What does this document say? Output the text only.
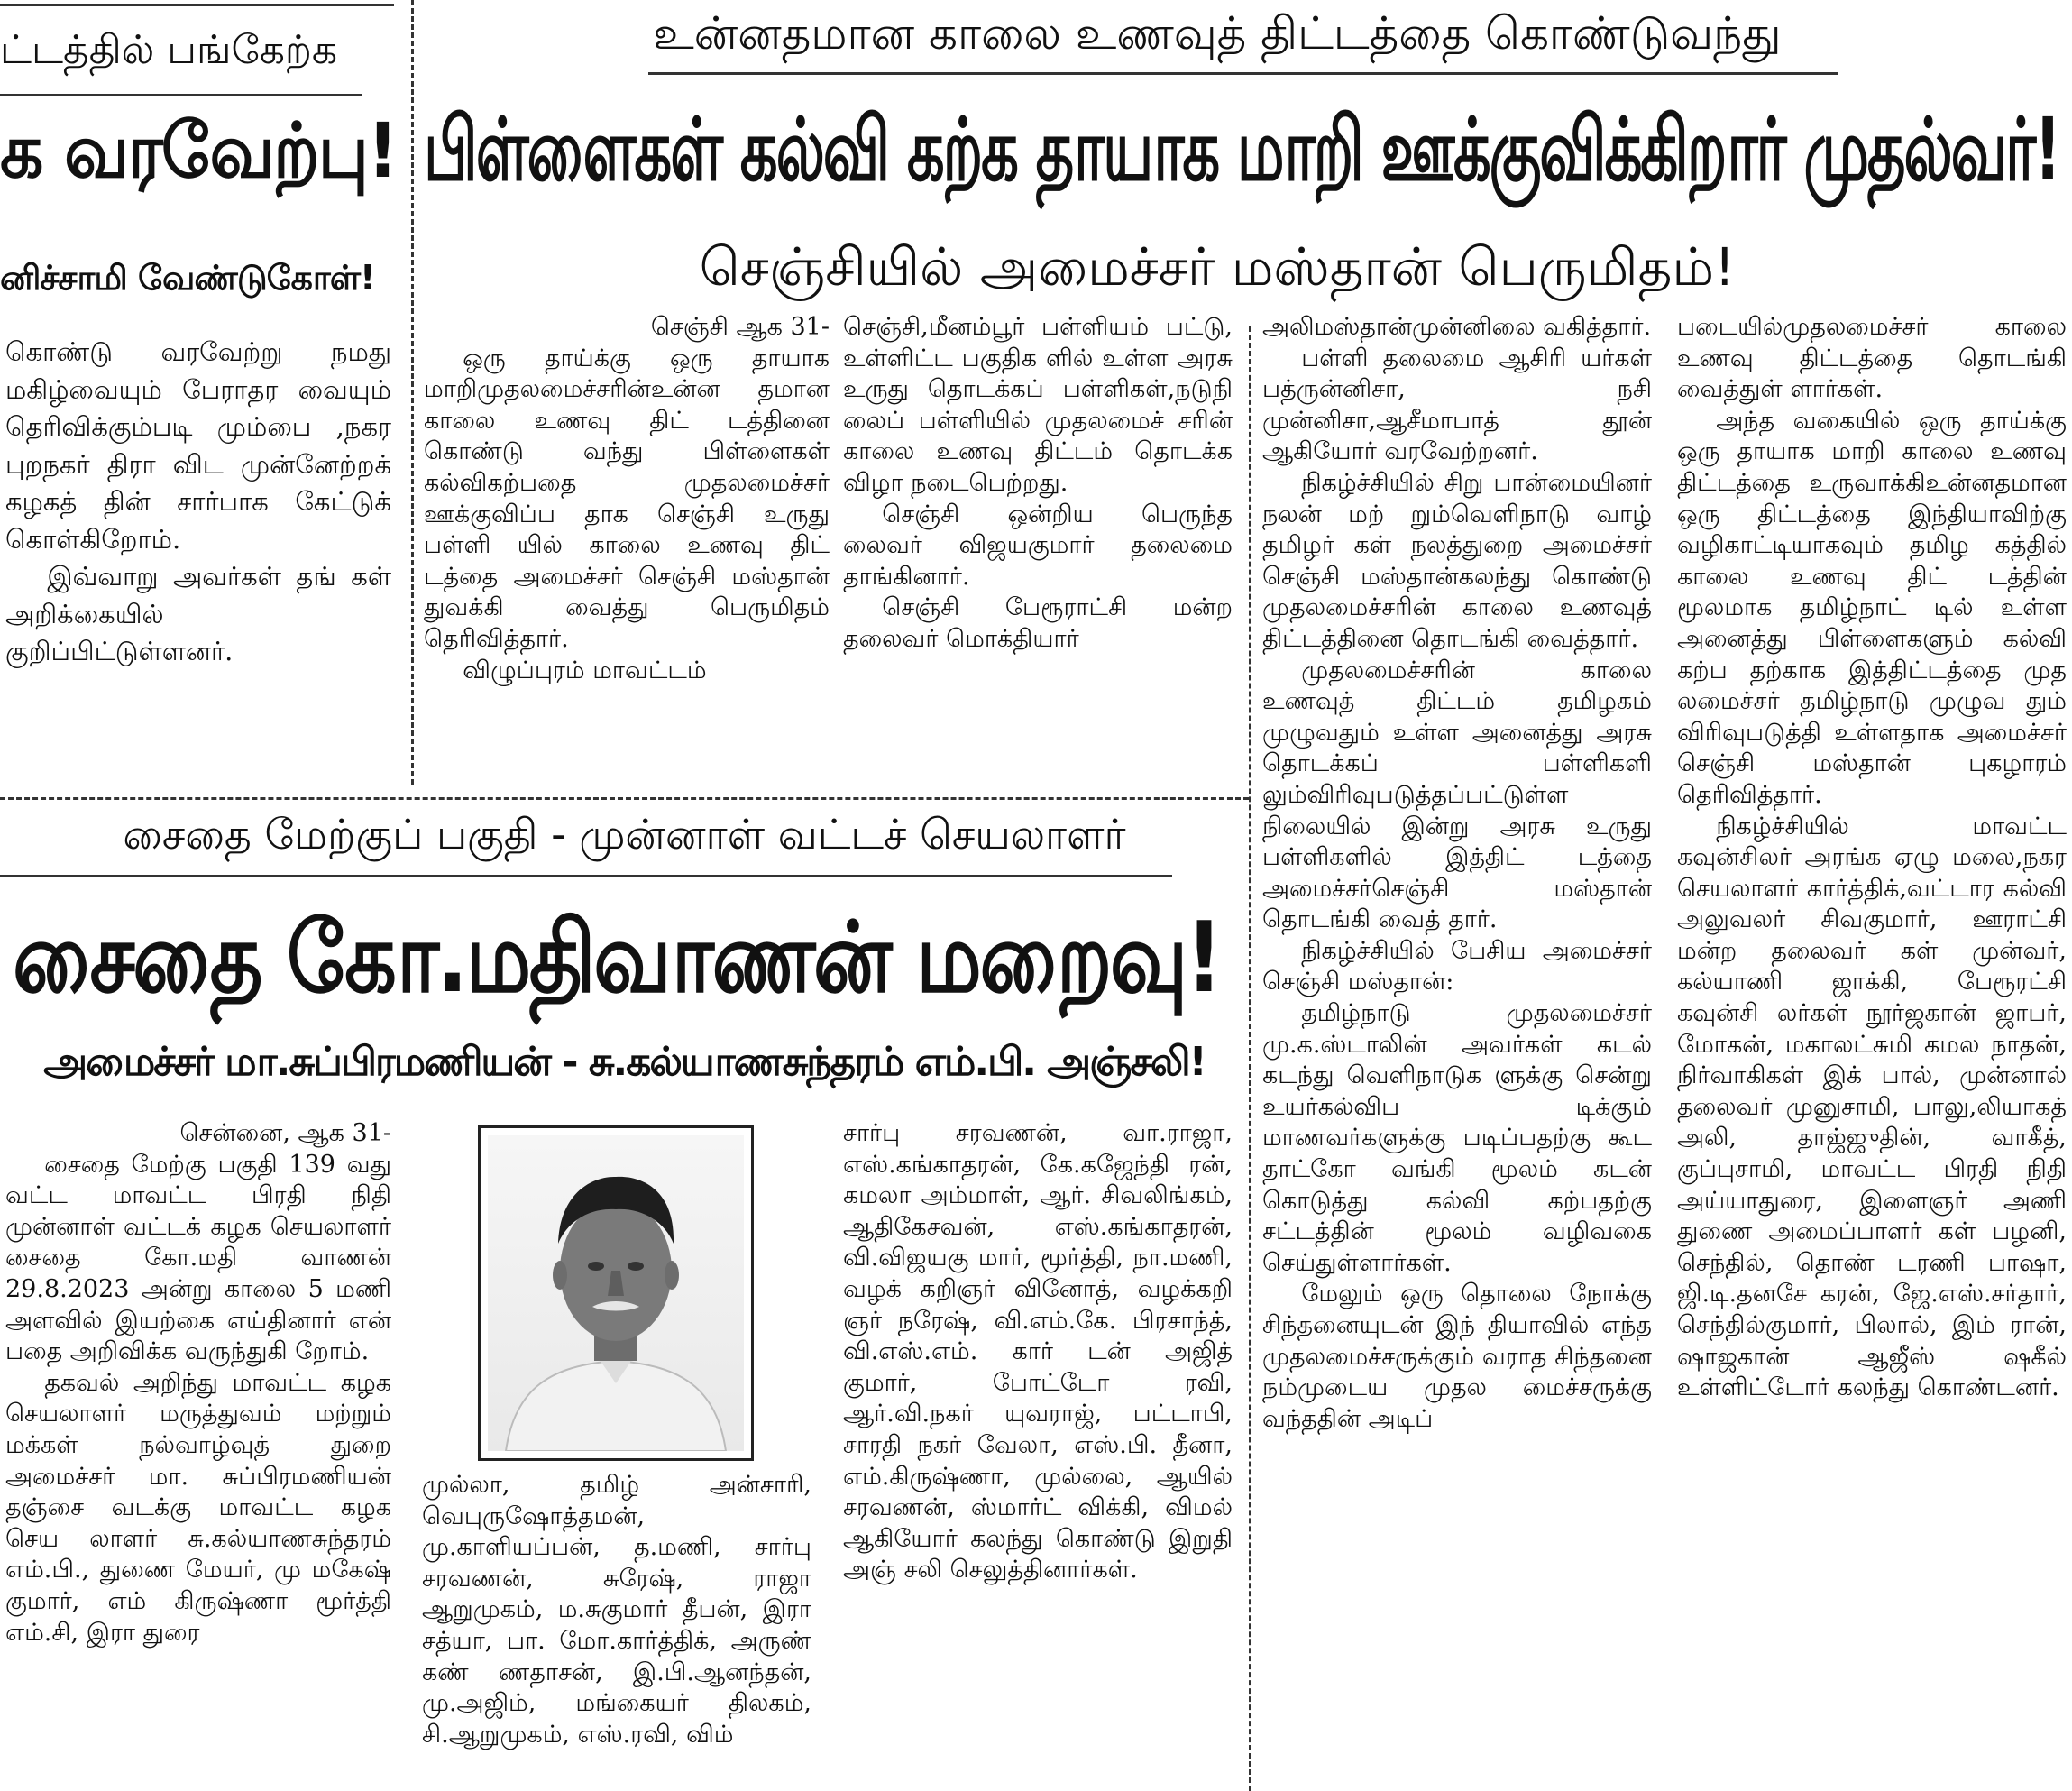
ட்டத்தில் பங்கேற்க
க வரவேற்பு!
னிச்சாமி வேண்டுகோள்!

கொண்டு வரவேற்று நமது மகிழ்வையும் பேராதர வையும் தெரிவிக்கும்படி மும்பை ,நகர புறநகர் திரா விட முன்னேற்றக் கழகத் தின் சார்பாக கேட்டுக் கொள்கிறோம்.

இவ்வாறு அவர்கள் தங் கள் அறிக்கையில் குறிப்பிட்டுள்ளனர்.

உன்னதமான காலை உணவுத் திட்டத்தை கொண்டுவந்து
பிள்ளைகள் கல்வி கற்க தாயாக மாறி ஊக்குவிக்கிறார் முதல்வர்!
செஞ்சியில் அமைச்சர் மஸ்தான் பெருமிதம்!
செஞ்சி ஆக 31-

ஒரு தாய்க்கு ஒரு தாயாக மாறிமுதலமைச்சரின்உன்ன தமான காலை உணவு திட் டத்தினை கொண்டு வந்து பிள்ளைகள் கல்விகற்பதை முதலமைச்சர் ஊக்குவிப்ப தாக செஞ்சி உருது பள்ளி யில் காலை உணவு திட் டத்தை அமைச்சர் செஞ்சி மஸ்தான் துவக்கி வைத்து பெருமிதம் தெரிவித்தார்.

விழுப்புரம் மாவட்டம்

செஞ்சி,மீனம்பூர் பள்ளியம் பட்டு, உள்ளிட்ட பகுதிக ளில் உள்ள அரசு உருது தொடக்கப் பள்ளிகள்,நடுநி லைப் பள்ளியில் முதலமைச் சரின் காலை உணவு திட்டம் தொடக்க விழா நடைபெற்றது.

செஞ்சி ஒன்றிய பெருந்த லைவர் விஜயகுமார் தலைமை தாங்கினார்.

செஞ்சி பேரூராட்சி மன்ற தலைவர் மொக்தியார்

அலிமஸ்தான்முன்னிலை வகித்தார்.

பள்ளி தலைமை ஆசிரி யர்கள் பத்ருன்னிசா, நசி முன்னிசா,ஆசீமாபாத் தூன் ஆகியோர் வரவேற்றனர்.

நிகழ்ச்சியில் சிறு பான்மையினர் நலன் மற் றும்வெளிநாடு வாழ் தமிழர் கள் நலத்துறை அமைச்சர் செஞ்சி மஸ்தான்கலந்து கொண்டு முதலமைச்சரின் காலை உணவுத் திட்டத்தினை தொடங்கி வைத்தார்.

முதலமைச்சரின் காலை உணவுத் திட்டம் தமிழகம் முழுவதும் உள்ள அனைத்து அரசு தொடக்கப் பள்ளிகளி லும்விரிவுபடுத்தப்பட்டுள்ள நிலையில் இன்று அரசு உருது பள்ளிகளில் இத்திட் டத்தை அமைச்சர்செஞ்சி மஸ்தான் தொடங்கி வைத் தார்.

நிகழ்ச்சியில் பேசிய அமைச்சர் செஞ்சி மஸ்தான்:

தமிழ்நாடு முதலமைச்சர் மு.க.ஸ்டாலின் அவர்கள் கடல் கடந்து வெளிநாடுக ளுக்கு சென்று உயர்கல்விப டிக்கும் மாணவர்களுக்கு படிப்பதற்கு கூட தாட்கோ வங்கி மூலம் கடன் கொடுத்து கல்வி கற்பதற்கு சட்டத்தின் மூலம் வழிவகை செய்துள்ளார்கள்.

மேலும் ஒரு தொலை நோக்கு சிந்தனையுடன் இந் தியாவில் எந்த முதலமைச்சருக்கும் வராத சிந்தனை நம்முடைய முதல மைச்சருக்கு வந்ததின் அடிப்

படையில்முதலமைச்சர் காலை உணவு திட்டத்தை தொடங்கி வைத்துள் ளார்கள்.

அந்த வகையில் ஒரு தாய்க்கு ஒரு தாயாக மாறி காலை உணவு திட்டத்தை உருவாக்கிஉன்னதமான ஒரு திட்டத்தை இந்தியாவிற்கு வழிகாட்டியாகவும் தமிழ கத்தில் காலை உணவு திட் டத்தின் மூலமாக தமிழ்நாட் டில் உள்ள அனைத்து பிள்ளைகளும் கல்வி கற்ப தற்காக இத்திட்டத்தை முத லமைச்சர் தமிழ்நாடு முழுவ தும் விரிவுபடுத்தி உள்ளதாக அமைச்சர் செஞ்சி மஸ்தான் புகழாரம் தெரிவித்தார்.

நிகழ்ச்சியில் மாவட்ட கவுன்சிலர் அரங்க ஏழு மலை,நகர செயலாளர் கார்த்திக்,வட்டார கல்வி அலுவலர் சிவகுமார், ஊராட்சி மன்ற தலைவர் கள் முன்வர், கல்யாணி ஜாக்கி, பேரூரட்சி கவுன்சி லர்கள் நூர்ஜகான் ஜாபர், மோகன், மகாலட்சுமி கமல நாதன், நிர்வாகிகள் இக் பால், முன்னால் தலைவர் முனுசாமி, பாலு,லியாகத் அலி, தாஜ்ஜுதின், வாகீத், குப்புசாமி, மாவட்ட பிரதி நிதி அய்யாதுரை, இளைஞர் அணி துணை அமைப்பாளர் கள் பழனி, செந்தில், தொண் டரணி பாஷா, ஜி.டி.தனசே கரன், ஜே.எஸ்.சர்தார், செந்தில்குமார், பிலால், இம் ரான், ஷாஜகான் ஆஜீஸ் ஷகீல் உள்ளிட்டோர் கலந்து கொண்டனர்.

சைதை மேற்குப் பகுதி - முன்னாள் வட்டச் செயலாளர்
சைதை கோ.மதிவாணன் மறைவு!
அமைச்சர் மா.சுப்பிரமணியன் - சு.கல்யாணசுந்தரம் எம்.பி. அஞ்சலி!
சென்னை, ஆக 31-

சைதை மேற்கு பகுதி 139 வது வட்ட மாவட்ட பிரதி நிதி முன்னாள் வட்டக் கழக செயலாளர் சைதை கோ.மதி வாணன் 29.8.2023 அன்று காலை 5 மணி அளவில் இயற்கை எய்தினார் என் பதை அறிவிக்க வருந்துகி றோம்.

தகவல் அறிந்து மாவட்ட கழக செயலாளர் மருத்துவம் மற்றும் மக்கள் நல்வாழ்வுத் துறை அமைச்சர் மா. சுப்பிரமணியன் தஞ்சை வடக்கு மாவட்ட கழக செய லாளர் சு.கல்யாணசுந்தரம் எம்.பி., துணை மேயர், மு மகேஷ் குமார், எம் கிருஷ்ணா மூர்த்தி எம்.சி, இரா துரை

முல்லா, தமிழ் அன்சாரி, வெபுருஷோத்தமன், மு.காளியப்பன், த.மணி, சார்பு சரவணன், சுரேஷ், ராஜா ஆறுமுகம், ம.சுகுமார் தீபன், இரா சத்யா, பா. மோ.கார்த்திக், அருண் கண் ணதாசன், இ.பி.ஆனந்தன், மு.அஜிம், மங்கையர் திலகம், சி.ஆறுமுகம், எஸ்.ரவி, விம்

சார்பு சரவணன், வா.ராஜா, எஸ்.கங்காதரன், கே.கஜேந்தி ரன், கமலா அம்மாள், ஆர். சிவலிங்கம், ஆதிகேசவன், எஸ்.கங்காதரன், வி.விஜயகு மார், மூர்த்தி, நா.மணி, வழக் கறிஞர் வினோத், வழக்கறி ஞர் நரேஷ், வி.எம்.கே. பிரசாந்த், வி.எஸ்.எம். கார் டன் அஜித் குமார், போட்டோ ரவி, ஆர்.வி.நகர் யுவராஜ், பட்டாபி, சாரதி நகர் வேலா, எஸ்.பி. தீனா, எம்.கிருஷ்ணா, முல்லை, ஆயில் சரவணன், ஸ்மார்ட் விக்கி, விமல் ஆகியோர் கலந்து கொண்டு இறுதி அஞ் சலி செலுத்தினார்கள்.
